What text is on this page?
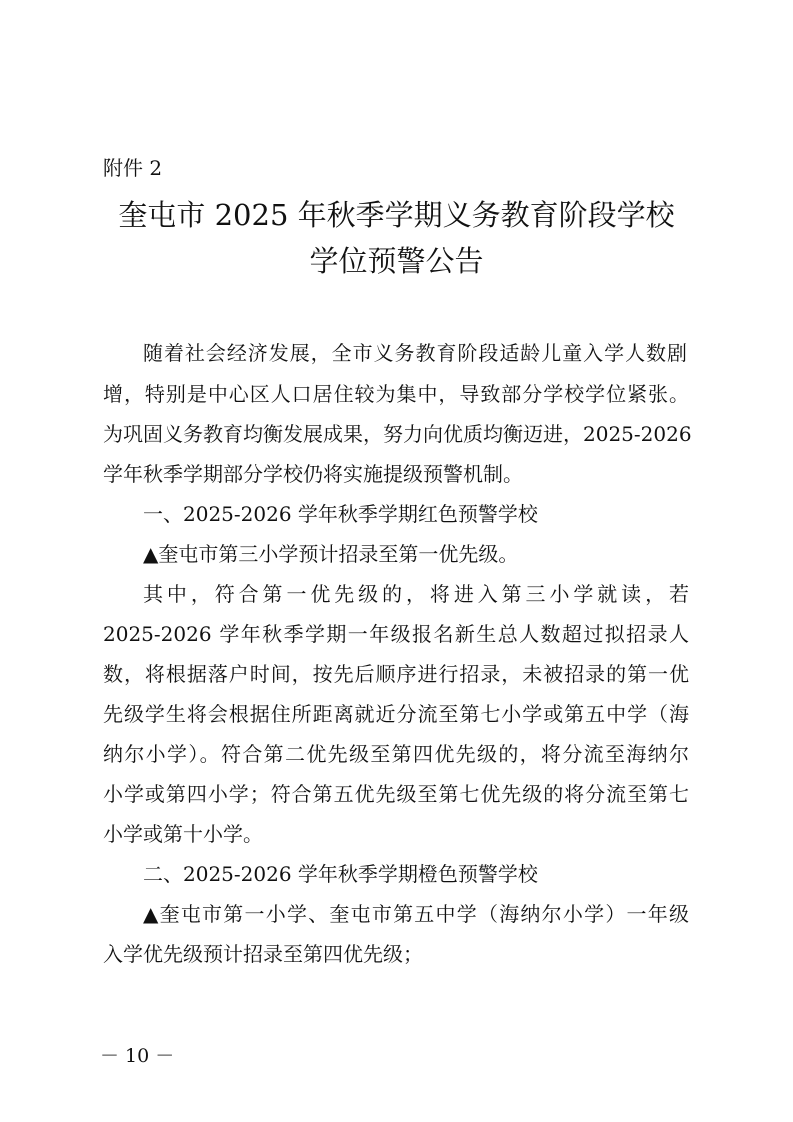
附件 2
奎屯市 2025 年秋季学期义务教育阶段学校
学位预警公告
随着社会经济发展，全市义务教育阶段适龄儿童入学人数剧
增，特别是中心区人口居住较为集中，导致部分学校学位紧张。
为巩固义务教育均衡发展成果，努力向优质均衡迈进，2025-2026
学年秋季学期部分学校仍将实施提级预警机制。
一、2025-2026 学年秋季学期红色预警学校
▲奎屯市第三小学预计招录至第一优先级。
其中，符合第一优先级的，将进入第三小学就读，若
2025-2026 学年秋季学期一年级报名新生总人数超过拟招录人
数，将根据落户时间，按先后顺序进行招录，未被招录的第一优
先级学生将会根据住所距离就近分流至第七小学或第五中学（海
纳尔小学）。符合第二优先级至第四优先级的，将分流至海纳尔
小学或第四小学；符合第五优先级至第七优先级的将分流至第七
小学或第十小学。
二、2025-2026 学年秋季学期橙色预警学校
▲奎屯市第一小学、奎屯市第五中学（海纳尔小学）一年级
入学优先级预计招录至第四优先级；
－ 10 －
